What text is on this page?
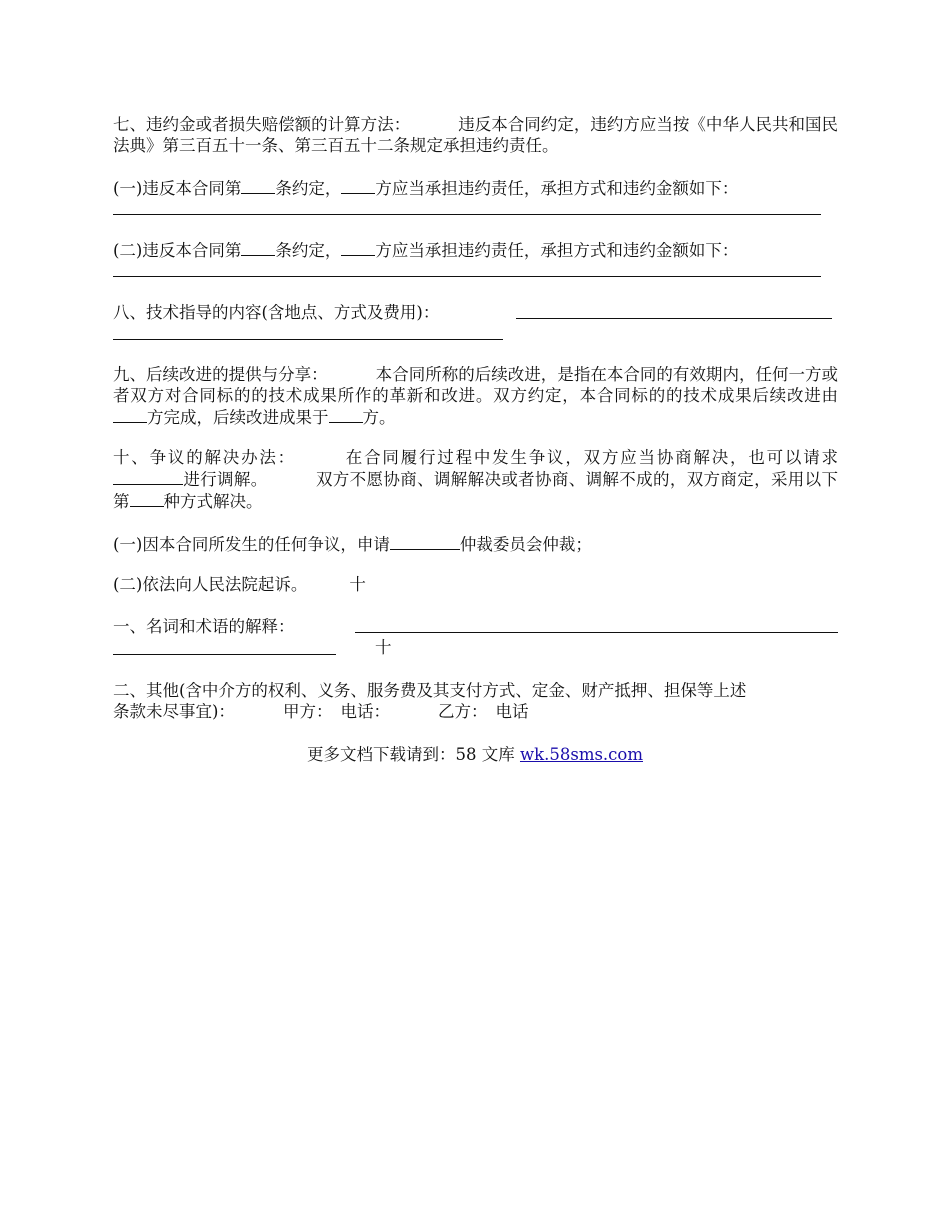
七、违约金或者损失赔偿额的计算方法：	违反本合同约定，违约方应当按《中华人民共和国民法典》第三百五十一条、第三百五十二条规定承担违约责任。

(一)违反本合同第 条约定， 方应当承担违约责任，承担方式和违约金额如下：

(二)违反本合同第 条约定， 方应当承担违约责任，承担方式和违约金额如下：

八、技术指导的内容(含地点、方式及费用)：

九、后续改进的提供与分享：	本合同所称的后续改进，是指在本合同的有效期内，任何一方或者双方对合同标的的技术成果所作的革新和改进。双方约定，本合同标的的技术成果后续改进由方完成，后续改进成果于 方。

十、争议的解决办法：	在合同履行过程中发生争议，双方应当协商解决，也可以请求进行调解。	双方不愿协商、调解解决或者协商、调解不成的，双方商定，采用以下第 种方式解决。

(一)因本合同所发生的任何争议，申请	仲裁委员会仲裁；

(二)依法向人民法院起诉。	十

一、名词和术语的解释：

十

二、其他(含中介方的权利、义务、服务费及其支付方式、定金、财产抵押、担保等上述

条款未尽事宜)：	甲方： 电话：	乙方： 电话

更多文档下载请到：58 文库 wk.58sms.com
